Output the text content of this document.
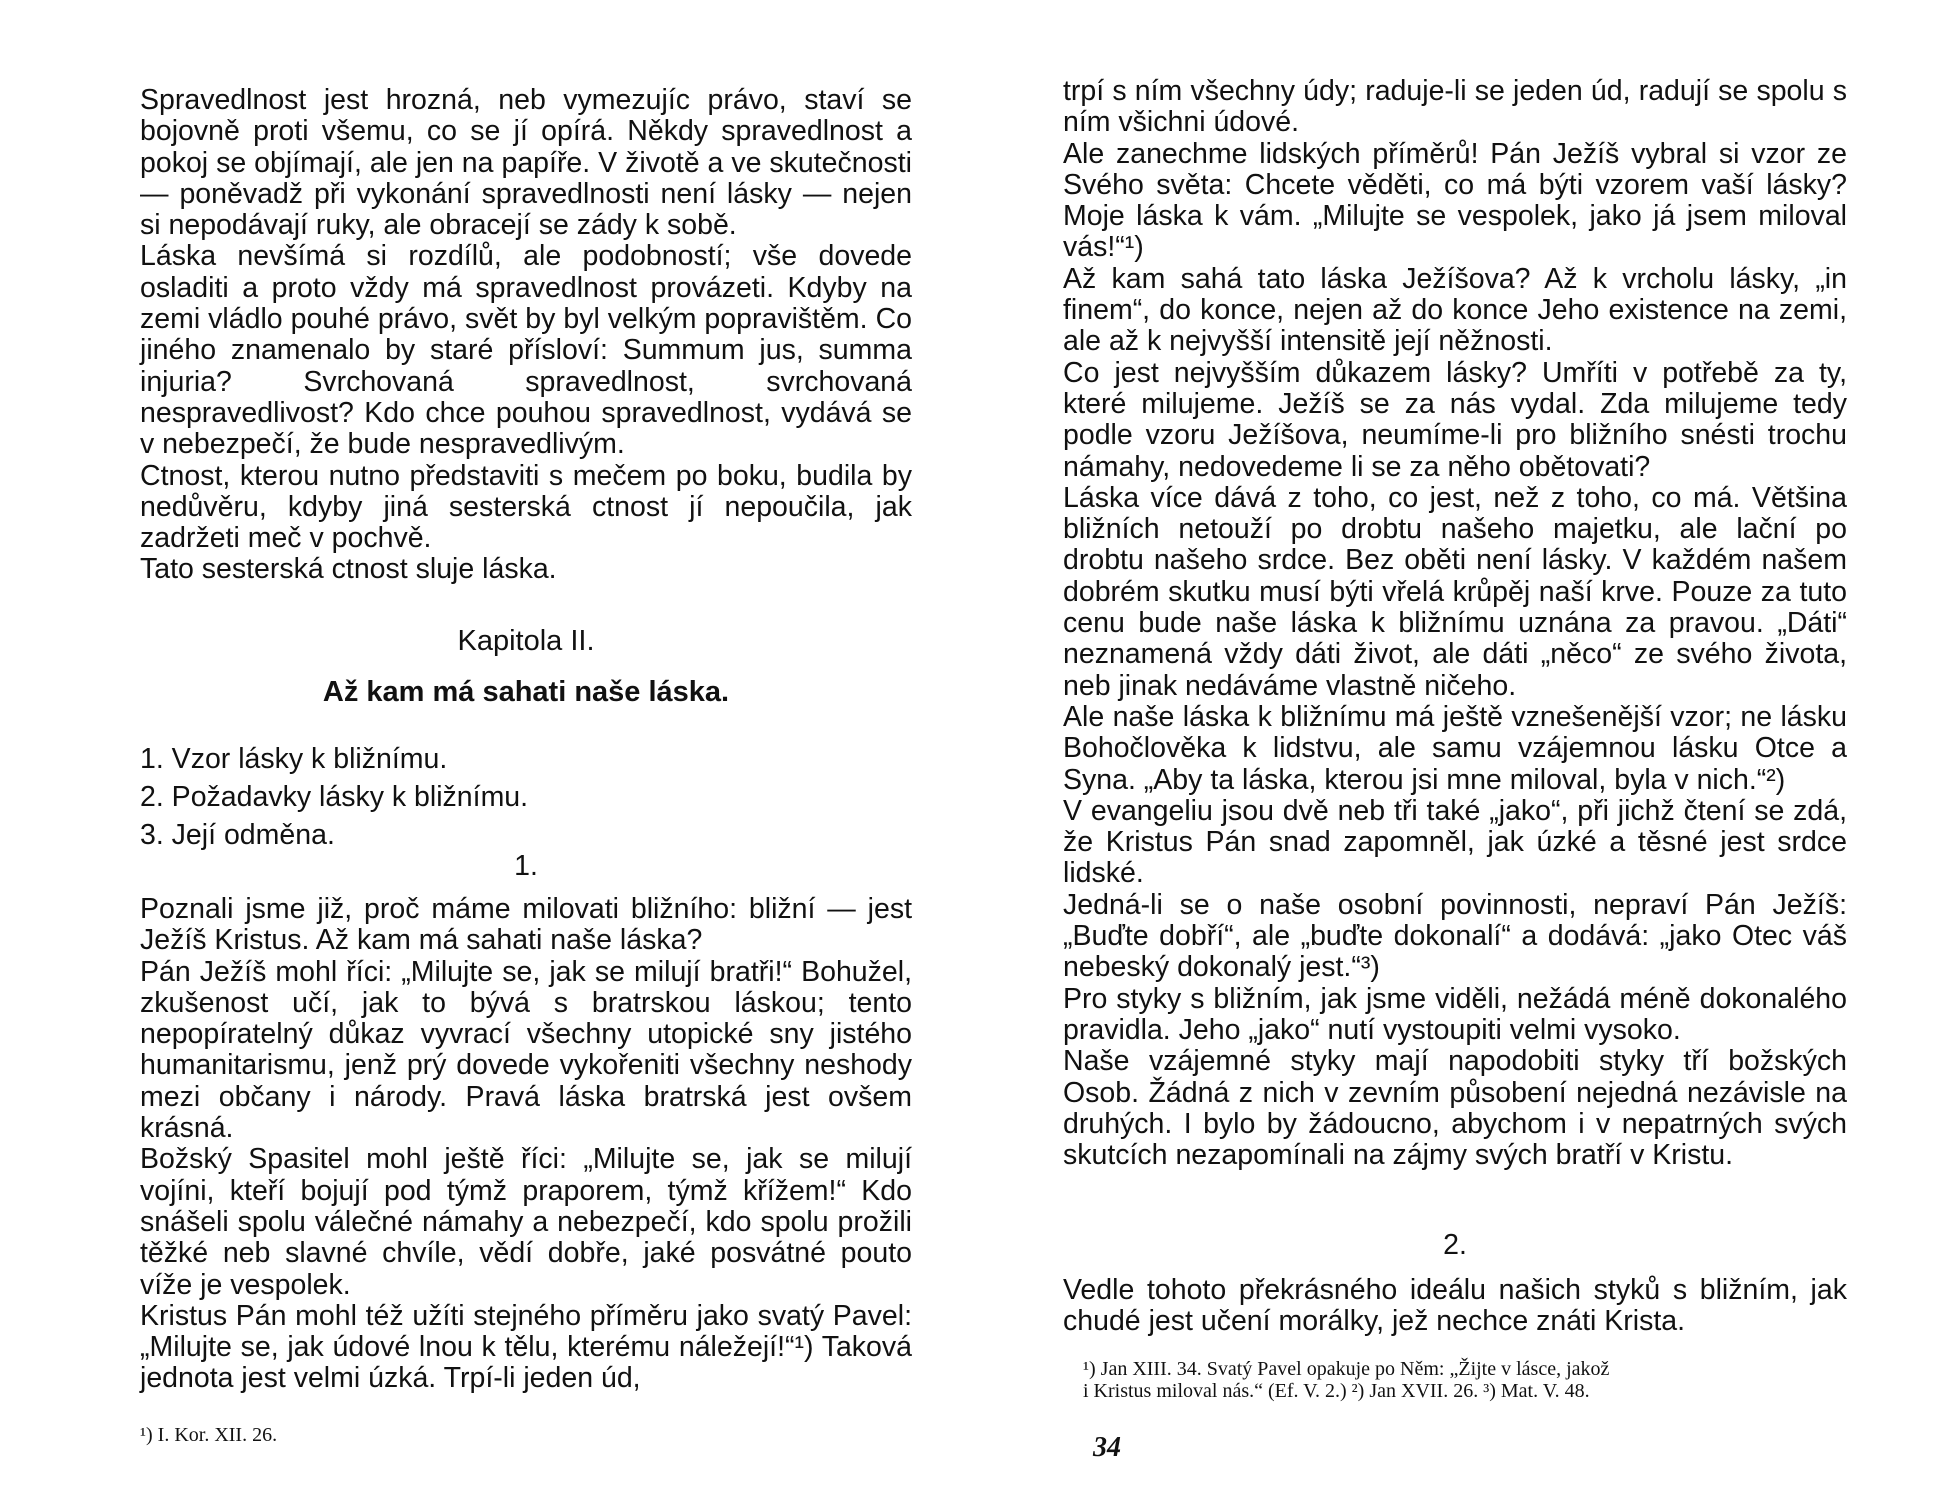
Spravedlnost jest hrozná, neb vymezujíc právo, staví se bojovně proti všemu, co se jí opírá. Někdy spravedlnost a pokoj se objímají, ale jen na papíře. V životě a ve skutečnosti — poněvadž při vykonání spravedlnosti není lásky — nejen si nepodávají ruky, ale obracejí se zády k sobě.

Láska nevšímá si rozdílů, ale podobností; vše dovede osladiti a proto vždy má spravedlnost provázeti. Kdyby na zemi vládlo pouhé právo, svět by byl velkým popravištěm. Co jiného znamenalo by staré přísloví: Summum jus, summa injuria? Svrchovaná spravedlnost, svrchovaná nespravedlivost? Kdo chce pouhou spravedlnost, vydává se v nebezpečí, že bude nespravedlivým.

Ctnost, kterou nutno představiti s mečem po boku, budila by nedůvěru, kdyby jiná sesterská ctnost jí nepoučila, jak zadržeti meč v pochvě.

Tato sesterská ctnost sluje láska.

Kapitola II.
Až kam má sahati naše láska.
1. Vzor lásky k bližnímu.
2. Požadavky lásky k bližnímu.
3. Její odměna.
1.

Poznali jsme již, proč máme milovati bližního: bližní — jest Ježíš Kristus. Až kam má sahati naše láska?

Pán Ježíš mohl říci: „Milujte se, jak se milují bratři!“ Bohužel, zkušenost učí, jak to bývá s bratrskou láskou; tento nepopíratelný důkaz vyvrací všechny utopické sny jistého humanitarismu, jenž prý dovede vykořeniti všechny neshody mezi občany i národy. Pravá láska bratrská jest ovšem krásná.

Božský Spasitel mohl ještě říci: „Milujte se, jak se milují vojíni, kteří bojují pod týmž praporem, týmž křížem!“ Kdo snášeli spolu válečné námahy a nebezpečí, kdo spolu prožili těžké neb slavné chvíle, vědí dobře, jaké posvátné pouto víže je vespolek.

Kristus Pán mohl též užíti stejného příměru jako svatý Pavel: „Milujte se, jak údové lnou k tělu, kterému náležejí!“¹) Taková jednota jest velmi úzká. Trpí-li jeden úd,

¹) I. Kor. XII. 26.

trpí s ním všechny údy; raduje-li se jeden úd, radují se spolu s ním všichni údové.

Ale zanechme lidských příměrů! Pán Ježíš vybral si vzor ze Svého světa: Chcete věděti, co má býti vzorem vaší lásky? Moje láska k vám. „Milujte se vespolek, jako já jsem miloval vás!“¹)

Až kam sahá tato láska Ježíšova? Až k vrcholu lásky, „in finem“, do konce, nejen až do konce Jeho existence na zemi, ale až k nejvyšší intensitě její něžnosti.

Co jest nejvyšším důkazem lásky? Umříti v potřebě za ty, které milujeme. Ježíš se za nás vydal. Zda milujeme tedy podle vzoru Ježíšova, neumíme-li pro bližního snésti trochu námahy, nedovedeme li se za něho obětovati?

Láska více dává z toho, co jest, než z toho, co má. Většina bližních netouží po drobtu našeho majetku, ale lační po drobtu našeho srdce. Bez oběti není lásky. V každém našem dobrém skutku musí býti vřelá krůpěj naší krve. Pouze za tuto cenu bude naše láska k bližnímu uznána za pravou. „Dáti“ neznamená vždy dáti život, ale dáti „něco“ ze svého života, neb jinak nedáváme vlastně ničeho.

Ale naše láska k bližnímu má ještě vznešenější vzor; ne lásku Bohočlověka k lidstvu, ale samu vzájemnou lásku Otce a Syna. „Aby ta láska, kterou jsi mne miloval, byla v nich.“²)

V evangeliu jsou dvě neb tři také „jako“, při jichž čtení se zdá, že Kristus Pán snad zapomněl, jak úzké a těsné jest srdce lidské.

Jedná-li se o naše osobní povinnosti, nepraví Pán Ježíš: „Buďte dobří“, ale „buďte dokonalí“ a dodává: „jako Otec váš nebeský dokonalý jest.“³)

Pro styky s bližním, jak jsme viděli, nežádá méně dokonalého pravidla. Jeho „jako“ nutí vystoupiti velmi vysoko.

Naše vzájemné styky mají napodobiti styky tří božských Osob. Žádná z nich v zevním působení nejedná nezávisle na druhých. I bylo by žádoucno, abychom i v nepatrných svých skutcích nezapomínali na zájmy svých bratří v Kristu.

2.

Vedle tohoto překrásného ideálu našich styků s bližním, jak chudé jest učení morálky, jež nechce znáti Krista.

¹) Jan XIII. 34. Svatý Pavel opakuje po Něm: „Žijte v lásce, jakož
i Kristus miloval nás.“ (Ef. V. 2.) ²) Jan XVII. 26. ³) Mat. V. 48.
34
